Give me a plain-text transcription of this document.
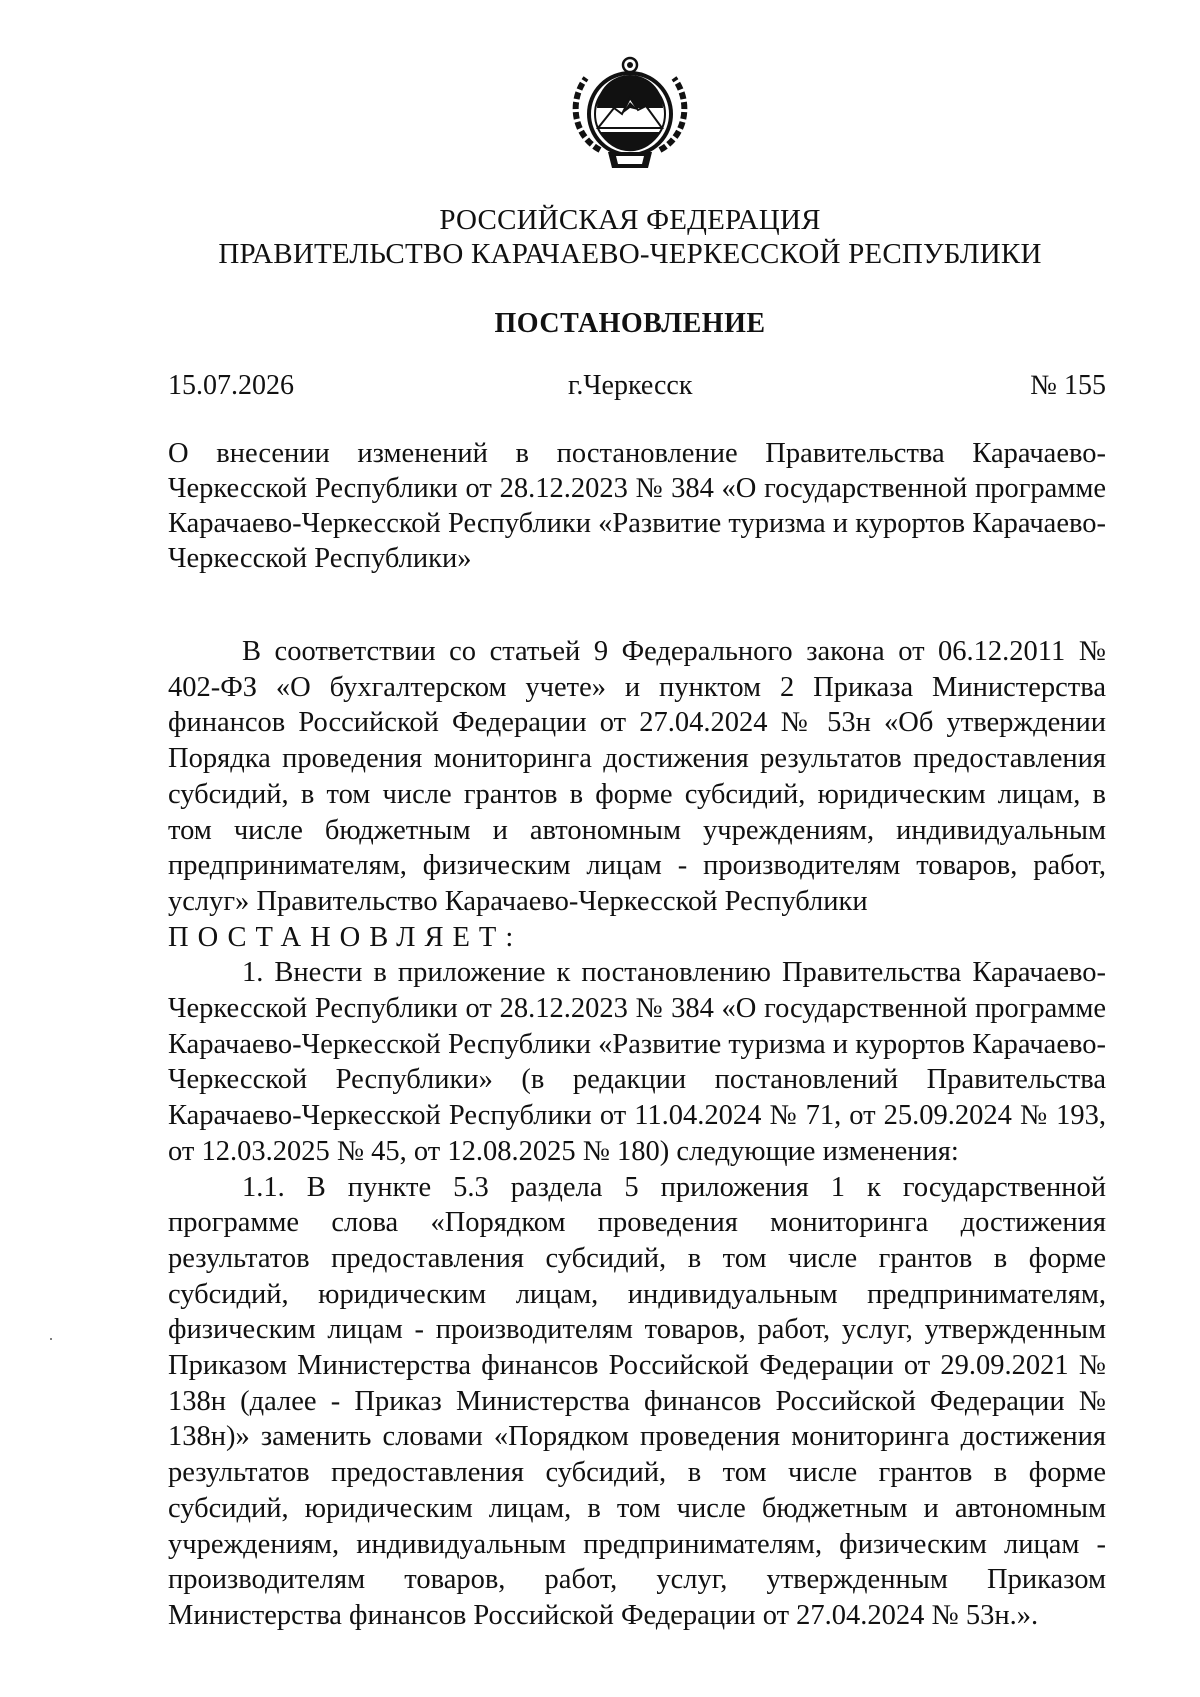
РОССИЙСКАЯ ФЕДЕРАЦИЯ
ПРАВИТЕЛЬСТВО КАРАЧАЕВО-ЧЕРКЕССКОЙ РЕСПУБЛИКИ
ПОСТАНОВЛЕНИЕ
15.07.2026	г.Черкесск	№ 155
О внесении изменений в постановление Правительства Карачаево-Черкесской Республики от 28.12.2023 № 384 «О государственной программе Карачаево-Черкесской Республики «Развитие туризма и курортов Карачаево-Черкесской Республики»

В соответствии со статьей 9 Федерального закона от 06.12.2011 № 402-ФЗ «О бухгалтерском учете» и пунктом 2 Приказа Министерства финансов Российской Федерации от 27.04.2024 № 53н «Об утверждении Порядка проведения мониторинга достижения результатов предоставления субсидий, в том числе грантов в форме субсидий, юридическим лицам, в том числе бюджетным и автономным учреждениям, индивидуальным предпринимателям, физическим лицам - производителям товаров, работ, услуг» Правительство Карачаево-Черкесской Республики

ПОСТАНОВЛЯЕТ:

1. Внести в приложение к постановлению Правительства Карачаево-Черкесской Республики от 28.12.2023 № 384 «О государственной программе Карачаево-Черкесской Республики «Развитие туризма и курортов Карачаево-Черкесской Республики» (в редакции постановлений Правительства Карачаево-Черкесской Республики от 11.04.2024 № 71, от 25.09.2024 № 193, от 12.03.2025 № 45, от 12.08.2025 № 180) следующие изменения:

1.1. В пункте 5.3 раздела 5 приложения 1 к государственной программе слова «Порядком проведения мониторинга достижения результатов предоставления субсидий, в том числе грантов в форме субсидий, юридическим лицам, индивидуальным предпринимателям, физическим лицам - производителям товаров, работ, услуг, утвержденным Приказом Министерства финансов Российской Федерации от 29.09.2021 № 138н (далее - Приказ Министерства финансов Российской Федерации № 138н)» заменить словами «Порядком проведения мониторинга достижения результатов предоставления субсидий, в том числе грантов в форме субсидий, юридическим лицам, в том числе бюджетным и автономным учреждениям, индивидуальным предпринимателям, физическим лицам - производителям товаров, работ, услуг, утвержденным Приказом Министерства финансов Российской Федерации от 27.04.2024 № 53н.».
